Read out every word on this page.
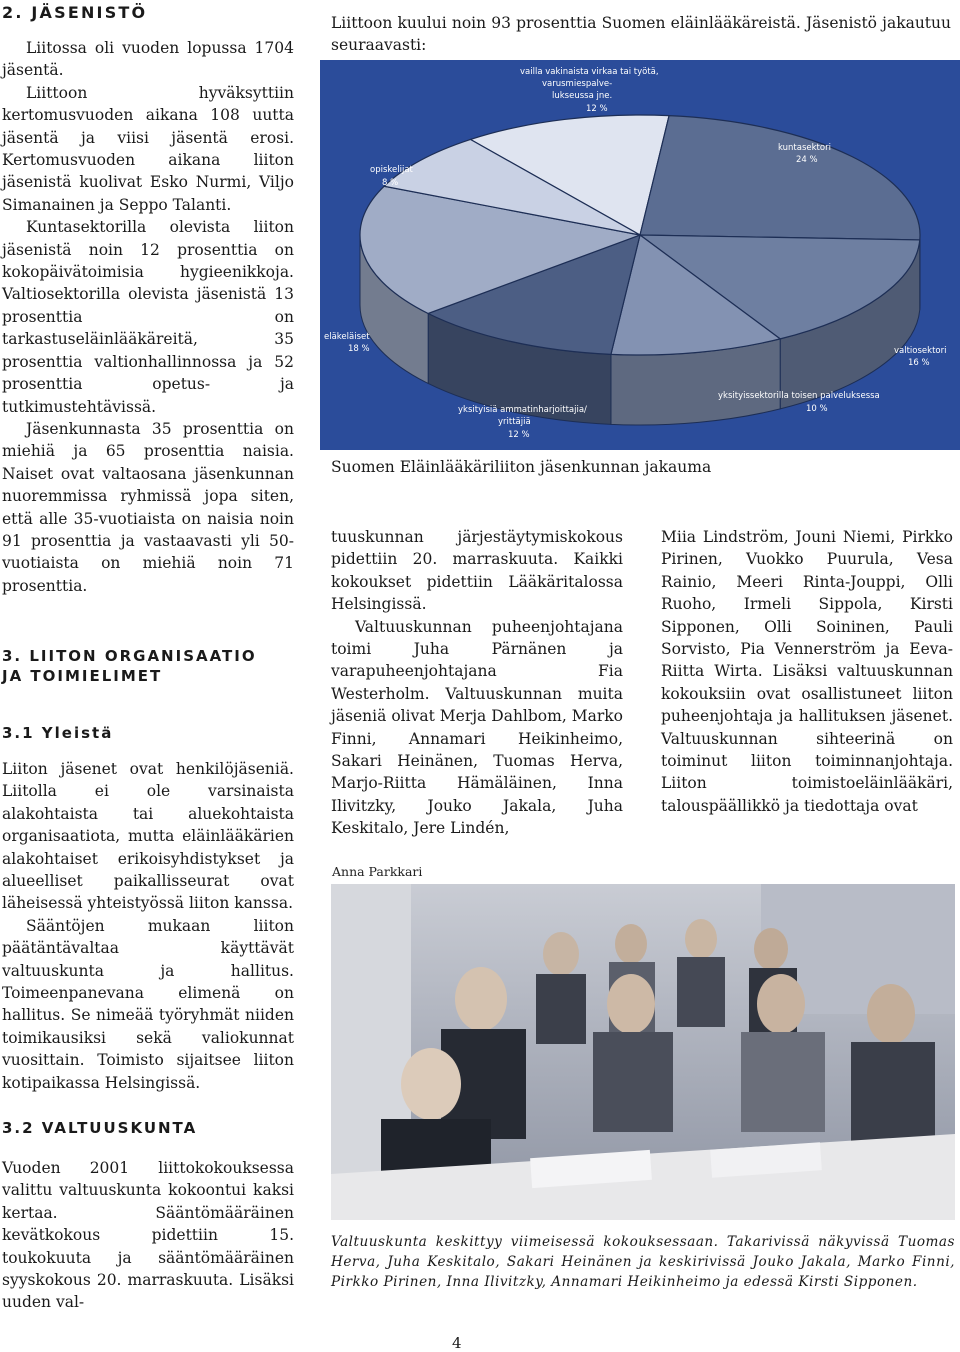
2. JÄSENISTÖ

Liitossa oli vuoden lopussa 1704 jäsentä.

Liittoon hyväksyttiin kertomusvuoden aikana 108 uutta jäsentä ja viisi jäsentä erosi. Kertomusvuoden aikana liiton jäsenistä kuolivat Esko Nurmi, Viljo Simanainen ja Seppo Talanti.

Kuntasektorilla olevista liiton jäsenistä noin 12 prosenttia on kokopäivätoimisia hygieenikkoja. Valtiosektorilla olevista jäsenistä 13 prosenttia on tarkastuseläinlääkäreitä, 35 prosenttia valtionhallinnossa ja 52 prosenttia opetus- ja tutkimustehtävissä.

Jäsenkunnasta 35 prosenttia on miehiä ja 65 prosenttia naisia. Naiset ovat valtaosana jäsenkunnan nuoremmissa ryhmissä jopa siten, että alle 35-vuotiaista on naisia noin 91 prosenttia ja vastaavasti yli 50-vuotiaista on miehiä noin 71 prosenttia.

3. LIITON ORGANISAATIO
JA TOIMIELIMET
3.1 Yleistä

Liiton jäsenet ovat henkilöjäseniä. Liitolla ei ole varsinaista alakohtaista tai aluekohtaista organisaatiota, mutta eläinlääkärien alakohtaiset erikoisyhdistykset ja alueelliset paikallisseurat ovat läheisessä yhteistyössä liiton kanssa.

Sääntöjen mukaan liiton päätäntävaltaa käyttävät valtuuskunta ja hallitus. Toimeenpanevana elimenä on hallitus. Se nimeää työryhmät niiden toimikausiksi sekä valiokunnat vuosittain. Toimisto sijaitsee liiton kotipaikassa Helsingissä.

3.2 VALTUUSKUNTA

Vuoden 2001 liittokokouksessa valittu valtuuskunta kokoontui kaksi kertaa. Sääntömääräinen kevätkokous pidettiin 15. toukokuuta ja sääntömääräinen syyskokous 20. marraskuuta. Lisäksi uuden val-

Liittoon kuului noin 93 prosenttia Suomen eläinlääkäreistä. Jäsenistö jakautuu seuraavasti:
vailla vakinaista virkaa tai työtä,
varusmiespalve-
lukseussa jne.
12 %
kuntasektori
24 %
opiskelijat
8 %
eläkeläiset
18 %	valtiosektori
16 %
yksityissektorilla toisen palveluksessa
10 %
yksityisiä ammatinharjoittajia/
yrittäjiä
12 %
Suomen Eläinlääkäriliiton jäsenkunnan jakauma

tuuskunnan järjestäytymiskokous pidettiin 20. marraskuuta. Kaikki kokoukset pidettiin Lääkäritalossa Helsingissä.

Valtuuskunnan puheenjohtajana toimi Juha Pärnänen ja varapuheenjohtajana Fia Westerholm. Valtuuskunnan muita jäseniä olivat Merja Dahlbom, Marko Finni, Annamari Heikinheimo, Sakari Heinänen, Tuomas Herva, Marjo-Riitta Hämäläinen, Inna Ilivitzky, Jouko Jakala, Juha Keskitalo, Jere Lindén,

Miia Lindström, Jouni Niemi, Pirkko Pirinen, Vuokko Puurula, Vesa Rainio, Meeri Rinta-Jouppi, Olli Ruoho, Irmeli Sippola, Kirsti Sipponen, Olli Soininen, Pauli Sorvisto, Pia Vennerström ja Eeva-Riitta Wirta. Lisäksi valtuuskunnan kokouksiin ovat osallistuneet liiton puheenjohtaja ja hallituksen jäsenet. Valtuuskunnan sihteerinä on toiminut liiton toiminnanjohtaja. Liiton toimistoeläinlääkäri, talouspäällikkö ja tiedottaja ovat

Anna Parkkari
Valtuuskunta keskittyy viimeisessä kokouksessaan. Takarivissä näkyvissä Tuomas Herva, Juha Keskitalo, Sakari Heinänen ja keskirivissä Jouko Jakala, Marko Finni, Pirkko Pirinen, Inna Ilivitzky, Annamari Heikinheimo ja edessä Kirsti Sipponen.
4
